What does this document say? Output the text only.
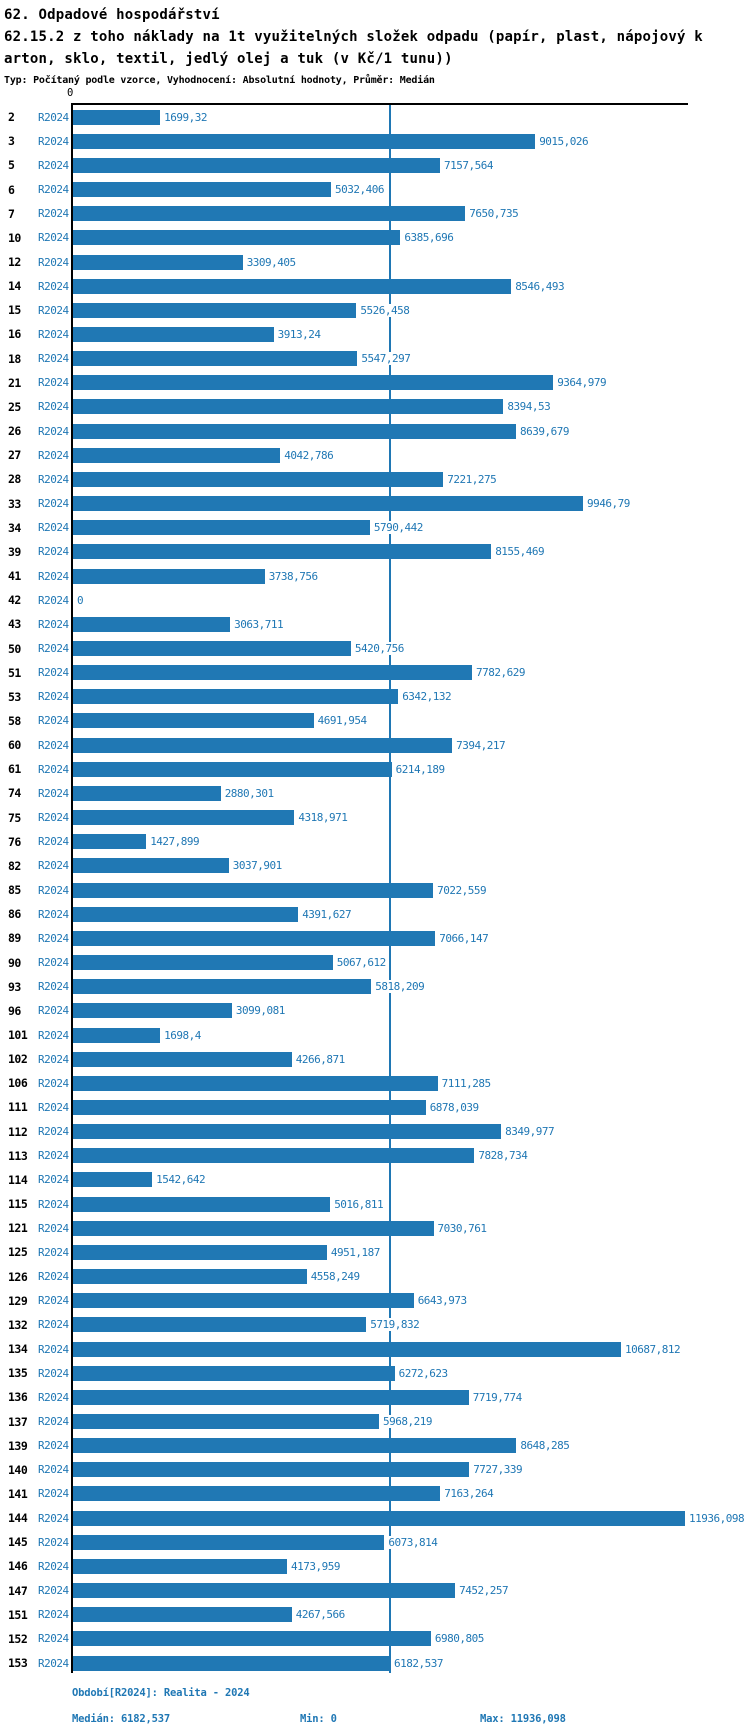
62. Odpadové hospodářství
62.15.2 z toho náklady na 1t využitelných složek odpadu (papír, plast, nápojový k
arton, sklo, textil, jedlý olej a tuk (v Kč/1 tunu))
Typ: Počítaný podle vzorce, Vyhodnocení: Absolutní hodnoty, Průměr: Medián
0
2	R2024	1699,32
3	R2024	9015,026
5	R2024	7157,564
6	R2024	5032,406
7	R2024	7650,735
10	R2024	6385,696
12	R2024	3309,405
14	R2024	8546,493
15	R2024	5526,458
16	R2024	3913,24
18	R2024	5547,297
21	R2024	9364,979
25	R2024	8394,53
26	R2024	8639,679
27	R2024	4042,786
28	R2024	7221,275
33	R2024	9946,79
34	R2024	5790,442
39	R2024	8155,469
41	R2024	3738,756
42	R2024 0
43	R2024	3063,711
50	R2024	5420,756
51	R2024	7782,629
53	R2024	6342,132
58	R2024	4691,954
60	R2024	7394,217
61	R2024	6214,189
74	R2024	2880,301
75	R2024	4318,971
76	R2024	1427,899
82	R2024	3037,901
85	R2024	7022,559
86	R2024	4391,627
89	R2024	7066,147
90	R2024	5067,612
93	R2024	5818,209
96	R2024	3099,081
101 R2024	1698,4
102 R2024	4266,871
106 R2024	7111,285
111 R2024	6878,039
112 R2024	8349,977
113 R2024	7828,734
114 R2024	1542,642
115 R2024	5016,811
121 R2024	7030,761
125 R2024	4951,187
126 R2024	4558,249
129 R2024	6643,973
132 R2024	5719,832
134 R2024	10687,812
135 R2024	6272,623
136 R2024	7719,774
137 R2024	5968,219
139 R2024	8648,285
140 R2024	7727,339
141 R2024	7163,264
144 R2024	11936,098
145 R2024	6073,814
146 R2024	4173,959
147 R2024	7452,257
151 R2024	4267,566
152 R2024	6980,805
153 R2024	6182,537
Období[R2024]: Realita - 2024
Medián: 6182,537	Min: 0	Max: 11936,098
